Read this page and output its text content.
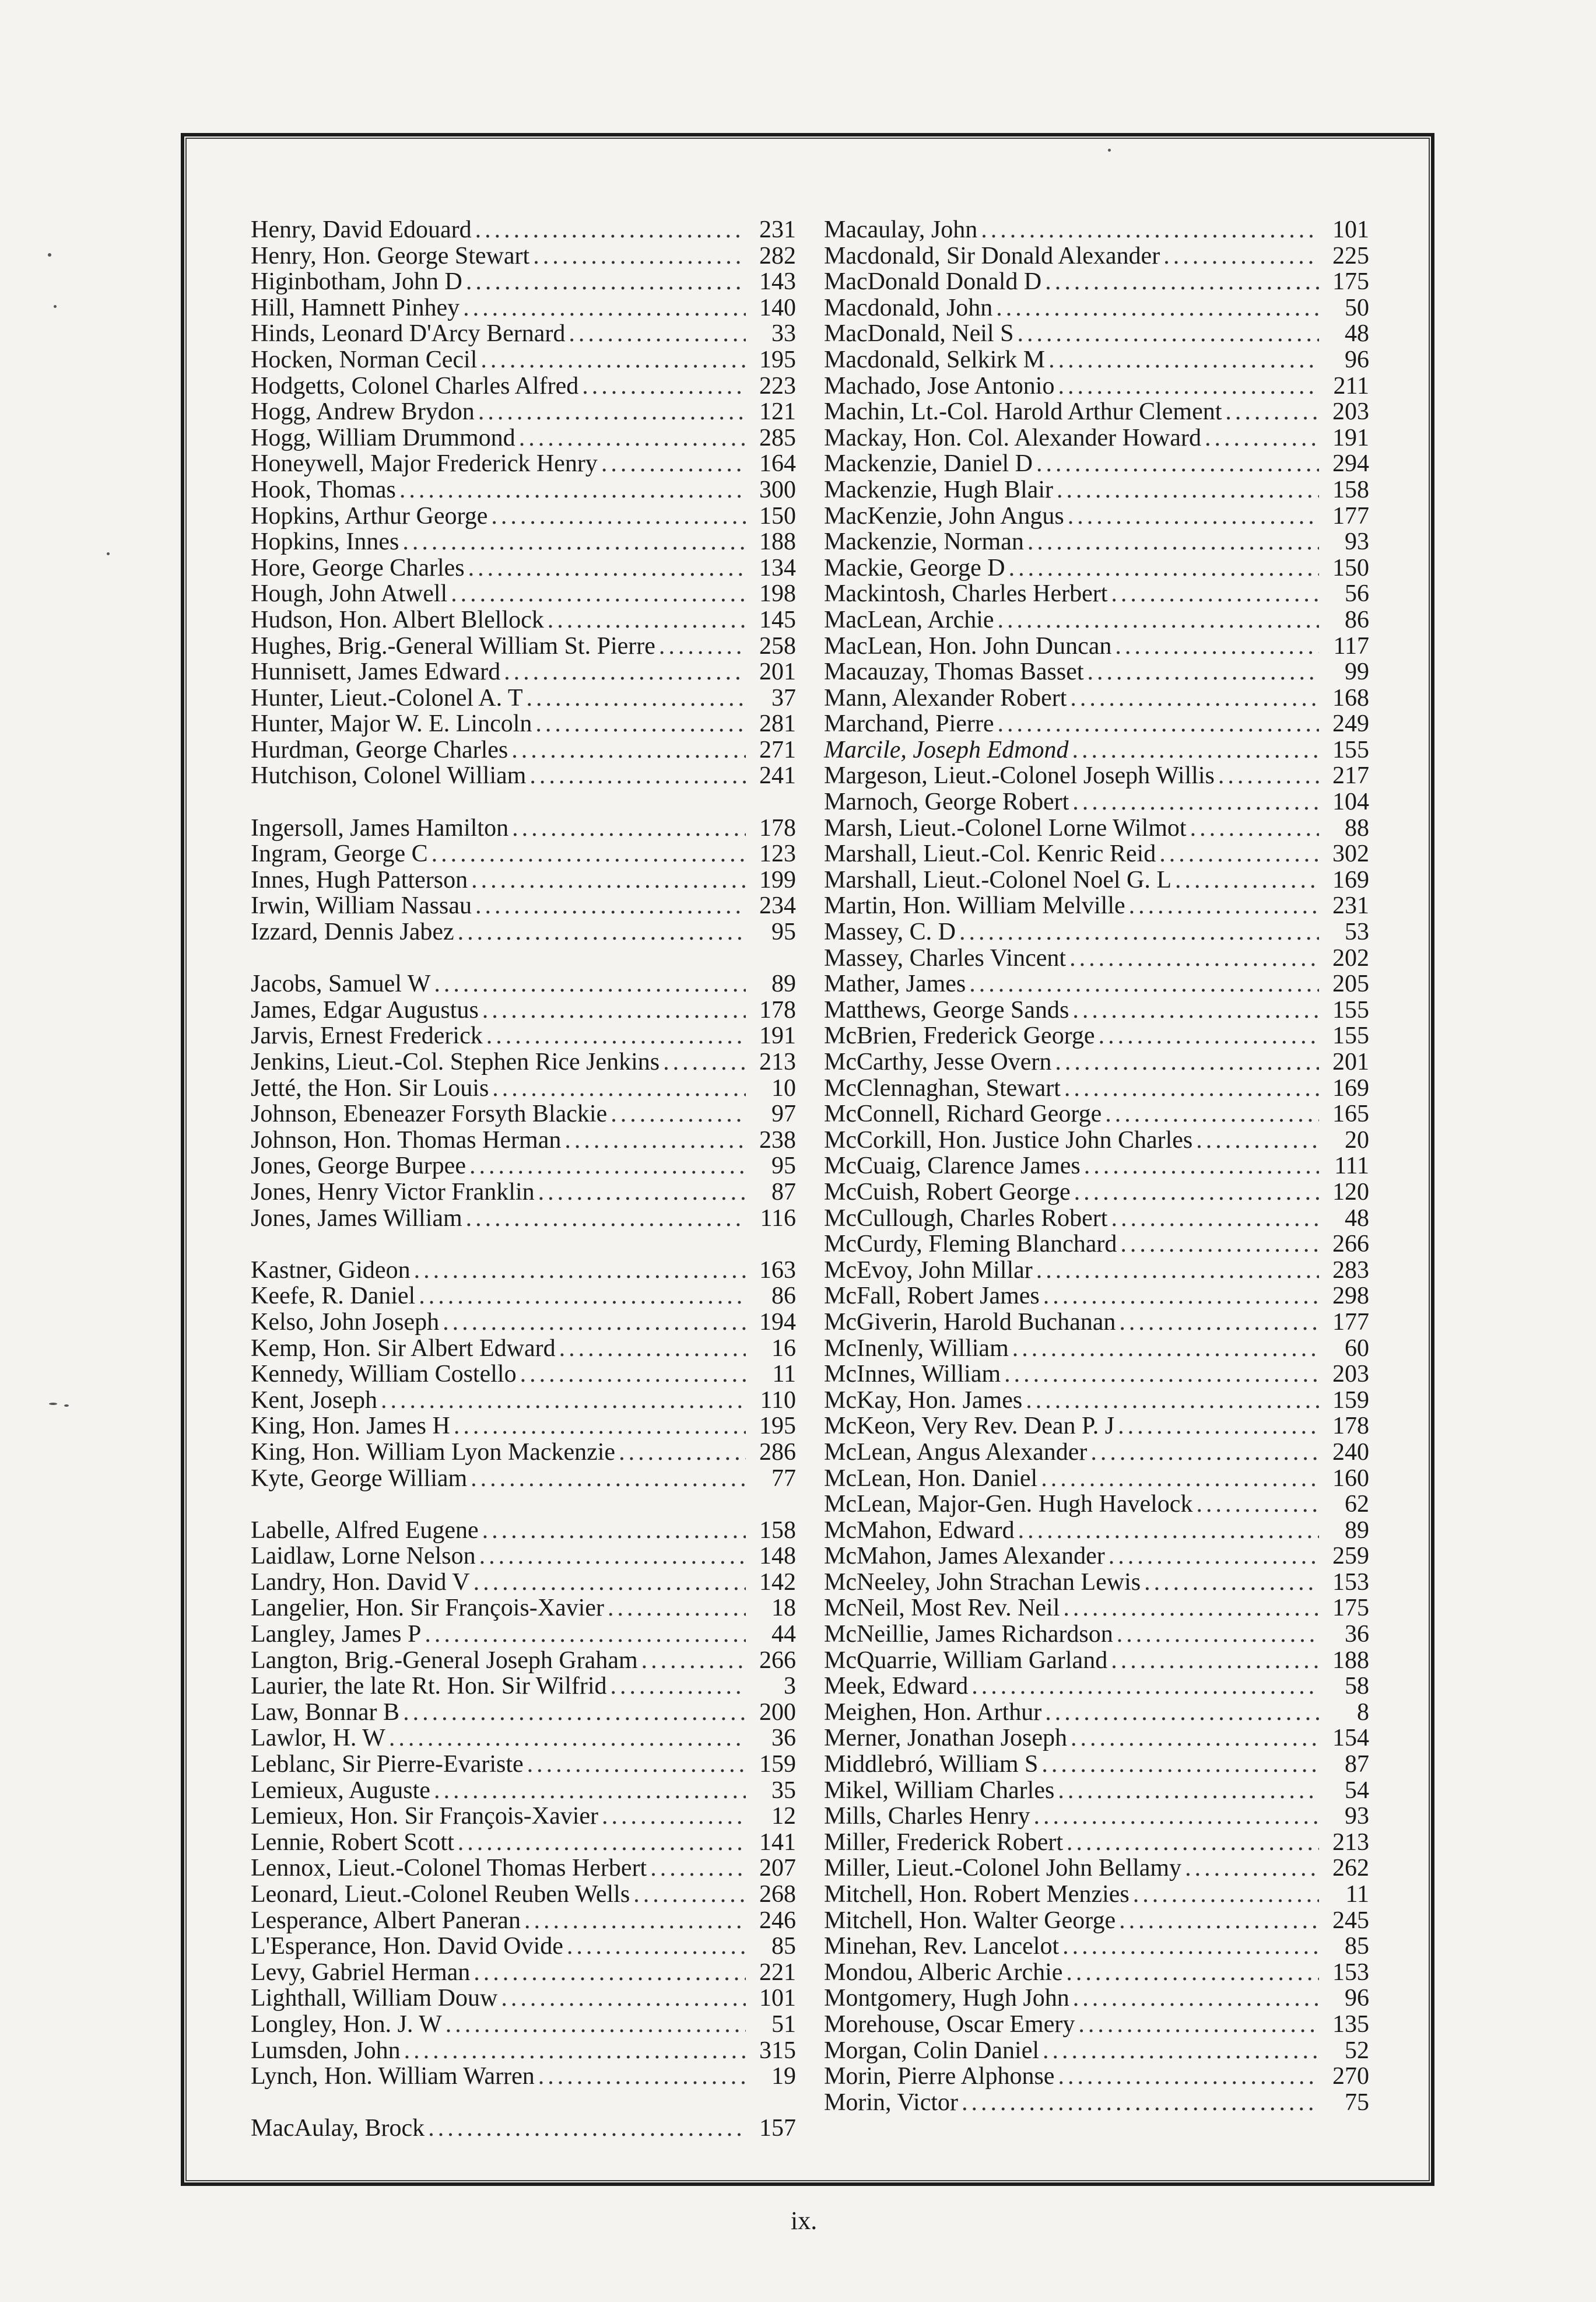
Henry, David Edouard .....	231
Henry, Hon. George Stewart .....	282
Higinbotham, John D .....	143
Hill, Hamnett Pinhey .....	140
Hinds, Leonard D'Arcy Bernard .....	33
Hocken, Norman Cecil .....	195
Hodgetts, Colonel Charles Alfred .....	223
Hogg, Andrew Brydon .....	121
Hogg, William Drummond .....	285
Honeywell, Major Frederick Henry .....	164
Hook, Thomas .....	300
Hopkins, Arthur George .....	150
Hopkins, Innes .....	188
Hore, George Charles .....	134
Hough, John Atwell .....	198
Hudson, Hon. Albert Blellock .....	145
Hughes, Brig.-General William St. Pierre .....	258
Hunnisett, James Edward .....	201
Hunter, Lieut.-Colonel A. T .....	37
Hunter, Major W. E. Lincoln .....	281
Hurdman, George Charles .....	271
Hutchison, Colonel William .....	241
Ingersoll, James Hamilton .....	178
Ingram, George C .....	123
Innes, Hugh Patterson .....	199
Irwin, William Nassau .....	234
Izzard, Dennis Jabez .....	95
Jacobs, Samuel W .....	89
James, Edgar Augustus .....	178
Jarvis, Ernest Frederick .....	191
Jenkins, Lieut.-Col. Stephen Rice Jenkins .....	213
Jetté, the Hon. Sir Louis .....	10
Johnson, Ebeneazer Forsyth Blackie .....	97
Johnson, Hon. Thomas Herman .....	238
Jones, George Burpee .....	95
Jones, Henry Victor Franklin .....	87
Jones, James William .....	116
Kastner, Gideon .....	163
Keefe, R. Daniel .....	86
Kelso, John Joseph .....	194
Kemp, Hon. Sir Albert Edward .....	16
Kennedy, William Costello .....	11
Kent, Joseph .....	110
King, Hon. James H .....	195
King, Hon. William Lyon Mackenzie .....	286
Kyte, George William .....	77
Labelle, Alfred Eugene .....	158
Laidlaw, Lorne Nelson .....	148
Landry, Hon. David V .....	142
Langelier, Hon. Sir François-Xavier .....	18
Langley, James P .....	44
Langton, Brig.-General Joseph Graham .....	266
Laurier, the late Rt. Hon. Sir Wilfrid .....	3
Law, Bonnar B .....	200
Lawlor, H. W .....	36
Leblanc, Sir Pierre-Evariste .....	159
Lemieux, Auguste .....	35
Lemieux, Hon. Sir François-Xavier .....	12
Lennie, Robert Scott .....	141
Lennox, Lieut.-Colonel Thomas Herbert .....	207
Leonard, Lieut.-Colonel Reuben Wells .....	268
Lesperance, Albert Paneran .....	246
L'Esperance, Hon. David Ovide .....	85
Levy, Gabriel Herman .....	221
Lighthall, William Douw .....	101
Longley, Hon. J. W .....	51
Lumsden, John .....	315
Lynch, Hon. William Warren .....	19
MacAulay, Brock .....	157
Macaulay, John .....	101
Macdonald, Sir Donald Alexander .....	225
MacDonald Donald D .....	175
Macdonald, John .....	50
MacDonald, Neil S .....	48
Macdonald, Selkirk M .....	96
Machado, Jose Antonio .....	211
Machin, Lt.-Col. Harold Arthur Clement .....	203
Mackay, Hon. Col. Alexander Howard .....	191
Mackenzie, Daniel D .....	294
Mackenzie, Hugh Blair .....	158
MacKenzie, John Angus .....	177
Mackenzie, Norman .....	93
Mackie, George D .....	150
Mackintosh, Charles Herbert .....	56
MacLean, Archie .....	86
MacLean, Hon. John Duncan .....	117
Macauzay, Thomas Basset .....	99
Mann, Alexander Robert .....	168
Marchand, Pierre .....	249
Marcile, Joseph Edmond .....	155
Margeson, Lieut.-Colonel Joseph Willis .....	217
Marnoch, George Robert .....	104
Marsh, Lieut.-Colonel Lorne Wilmot .....	88
Marshall, Lieut.-Col. Kenric Reid .....	302
Marshall, Lieut.-Colonel Noel G. L .....	169
Martin, Hon. William Melville .....	231
Massey, C. D .....	53
Massey, Charles Vincent .....	202
Mather, James .....	205
Matthews, George Sands .....	155
McBrien, Frederick George .....	155
McCarthy, Jesse Overn .....	201
McClennaghan, Stewart .....	169
McConnell, Richard George .....	165
McCorkill, Hon. Justice John Charles .....	20
McCuaig, Clarence James .....	111
McCuish, Robert George .....	120
McCullough, Charles Robert .....	48
McCurdy, Fleming Blanchard .....	266
McEvoy, John Millar .....	283
McFall, Robert James .....	298
McGiverin, Harold Buchanan .....	177
McInenly, William .....	60
McInnes, William .....	203
McKay, Hon. James .....	159
McKeon, Very Rev. Dean P. J .....	178
McLean, Angus Alexander .....	240
McLean, Hon. Daniel .....	160
McLean, Major-Gen. Hugh Havelock .....	62
McMahon, Edward .....	89
McMahon, James Alexander .....	259
McNeeley, John Strachan Lewis .....	153
McNeil, Most Rev. Neil .....	175
McNeillie, James Richardson .....	36
McQuarrie, William Garland .....	188
Meek, Edward .....	58
Meighen, Hon. Arthur .....	8
Merner, Jonathan Joseph .....	154
Middlebró, William S .....	87
Mikel, William Charles .....	54
Mills, Charles Henry .....	93
Miller, Frederick Robert .....	213
Miller, Lieut.-Colonel John Bellamy .....	262
Mitchell, Hon. Robert Menzies .....	11
Mitchell, Hon. Walter George .....	245
Minehan, Rev. Lancelot .....	85
Mondou, Alberic Archie .....	153
Montgomery, Hugh John .....	96
Morehouse, Oscar Emery .....	135
Morgan, Colin Daniel .....	52
Morin, Pierre Alphonse .....	270
Morin, Victor .....	75
ix.
